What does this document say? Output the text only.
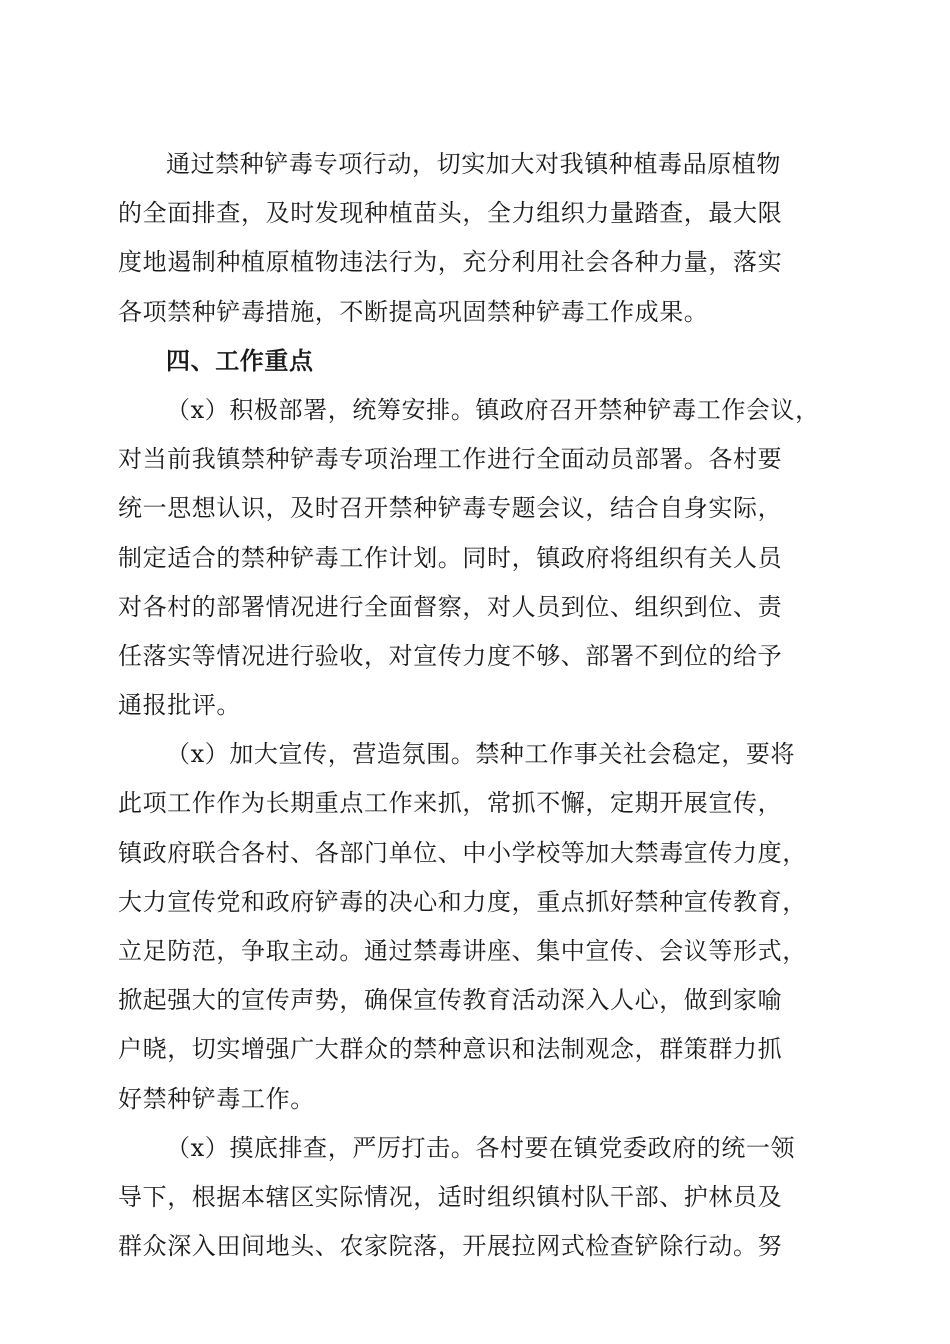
通过禁种铲毒专项行动，切实加大对我镇种植毒品原植物
的全面排查，及时发现种植苗头，全力组织力量踏查，最大限
度地遏制种植原植物违法行为，充分利用社会各种力量，落实
各项禁种铲毒措施，不断提高巩固禁种铲毒工作成果。
四、工作重点
（x）积极部署，统筹安排。镇政府召开禁种铲毒工作会议，
对当前我镇禁种铲毒专项治理工作进行全面动员部署。各村要
统一思想认识，及时召开禁种铲毒专题会议，结合自身实际，
制定适合的禁种铲毒工作计划。同时，镇政府将组织有关人员
对各村的部署情况进行全面督察，对人员到位、组织到位、责
任落实等情况进行验收，对宣传力度不够、部署不到位的给予
通报批评。
（x）加大宣传，营造氛围。禁种工作事关社会稳定，要将
此项工作作为长期重点工作来抓，常抓不懈，定期开展宣传，
镇政府联合各村、各部门单位、中小学校等加大禁毒宣传力度，
大力宣传党和政府铲毒的决心和力度，重点抓好禁种宣传教育，
立足防范，争取主动。通过禁毒讲座、集中宣传、会议等形式，
掀起强大的宣传声势，确保宣传教育活动深入人心，做到家喻
户晓，切实增强广大群众的禁种意识和法制观念，群策群力抓
好禁种铲毒工作。
（x）摸底排查，严厉打击。各村要在镇党委政府的统一领
导下，根据本辖区实际情况，适时组织镇村队干部、护林员及
群众深入田间地头、农家院落，开展拉网式检查铲除行动。努
